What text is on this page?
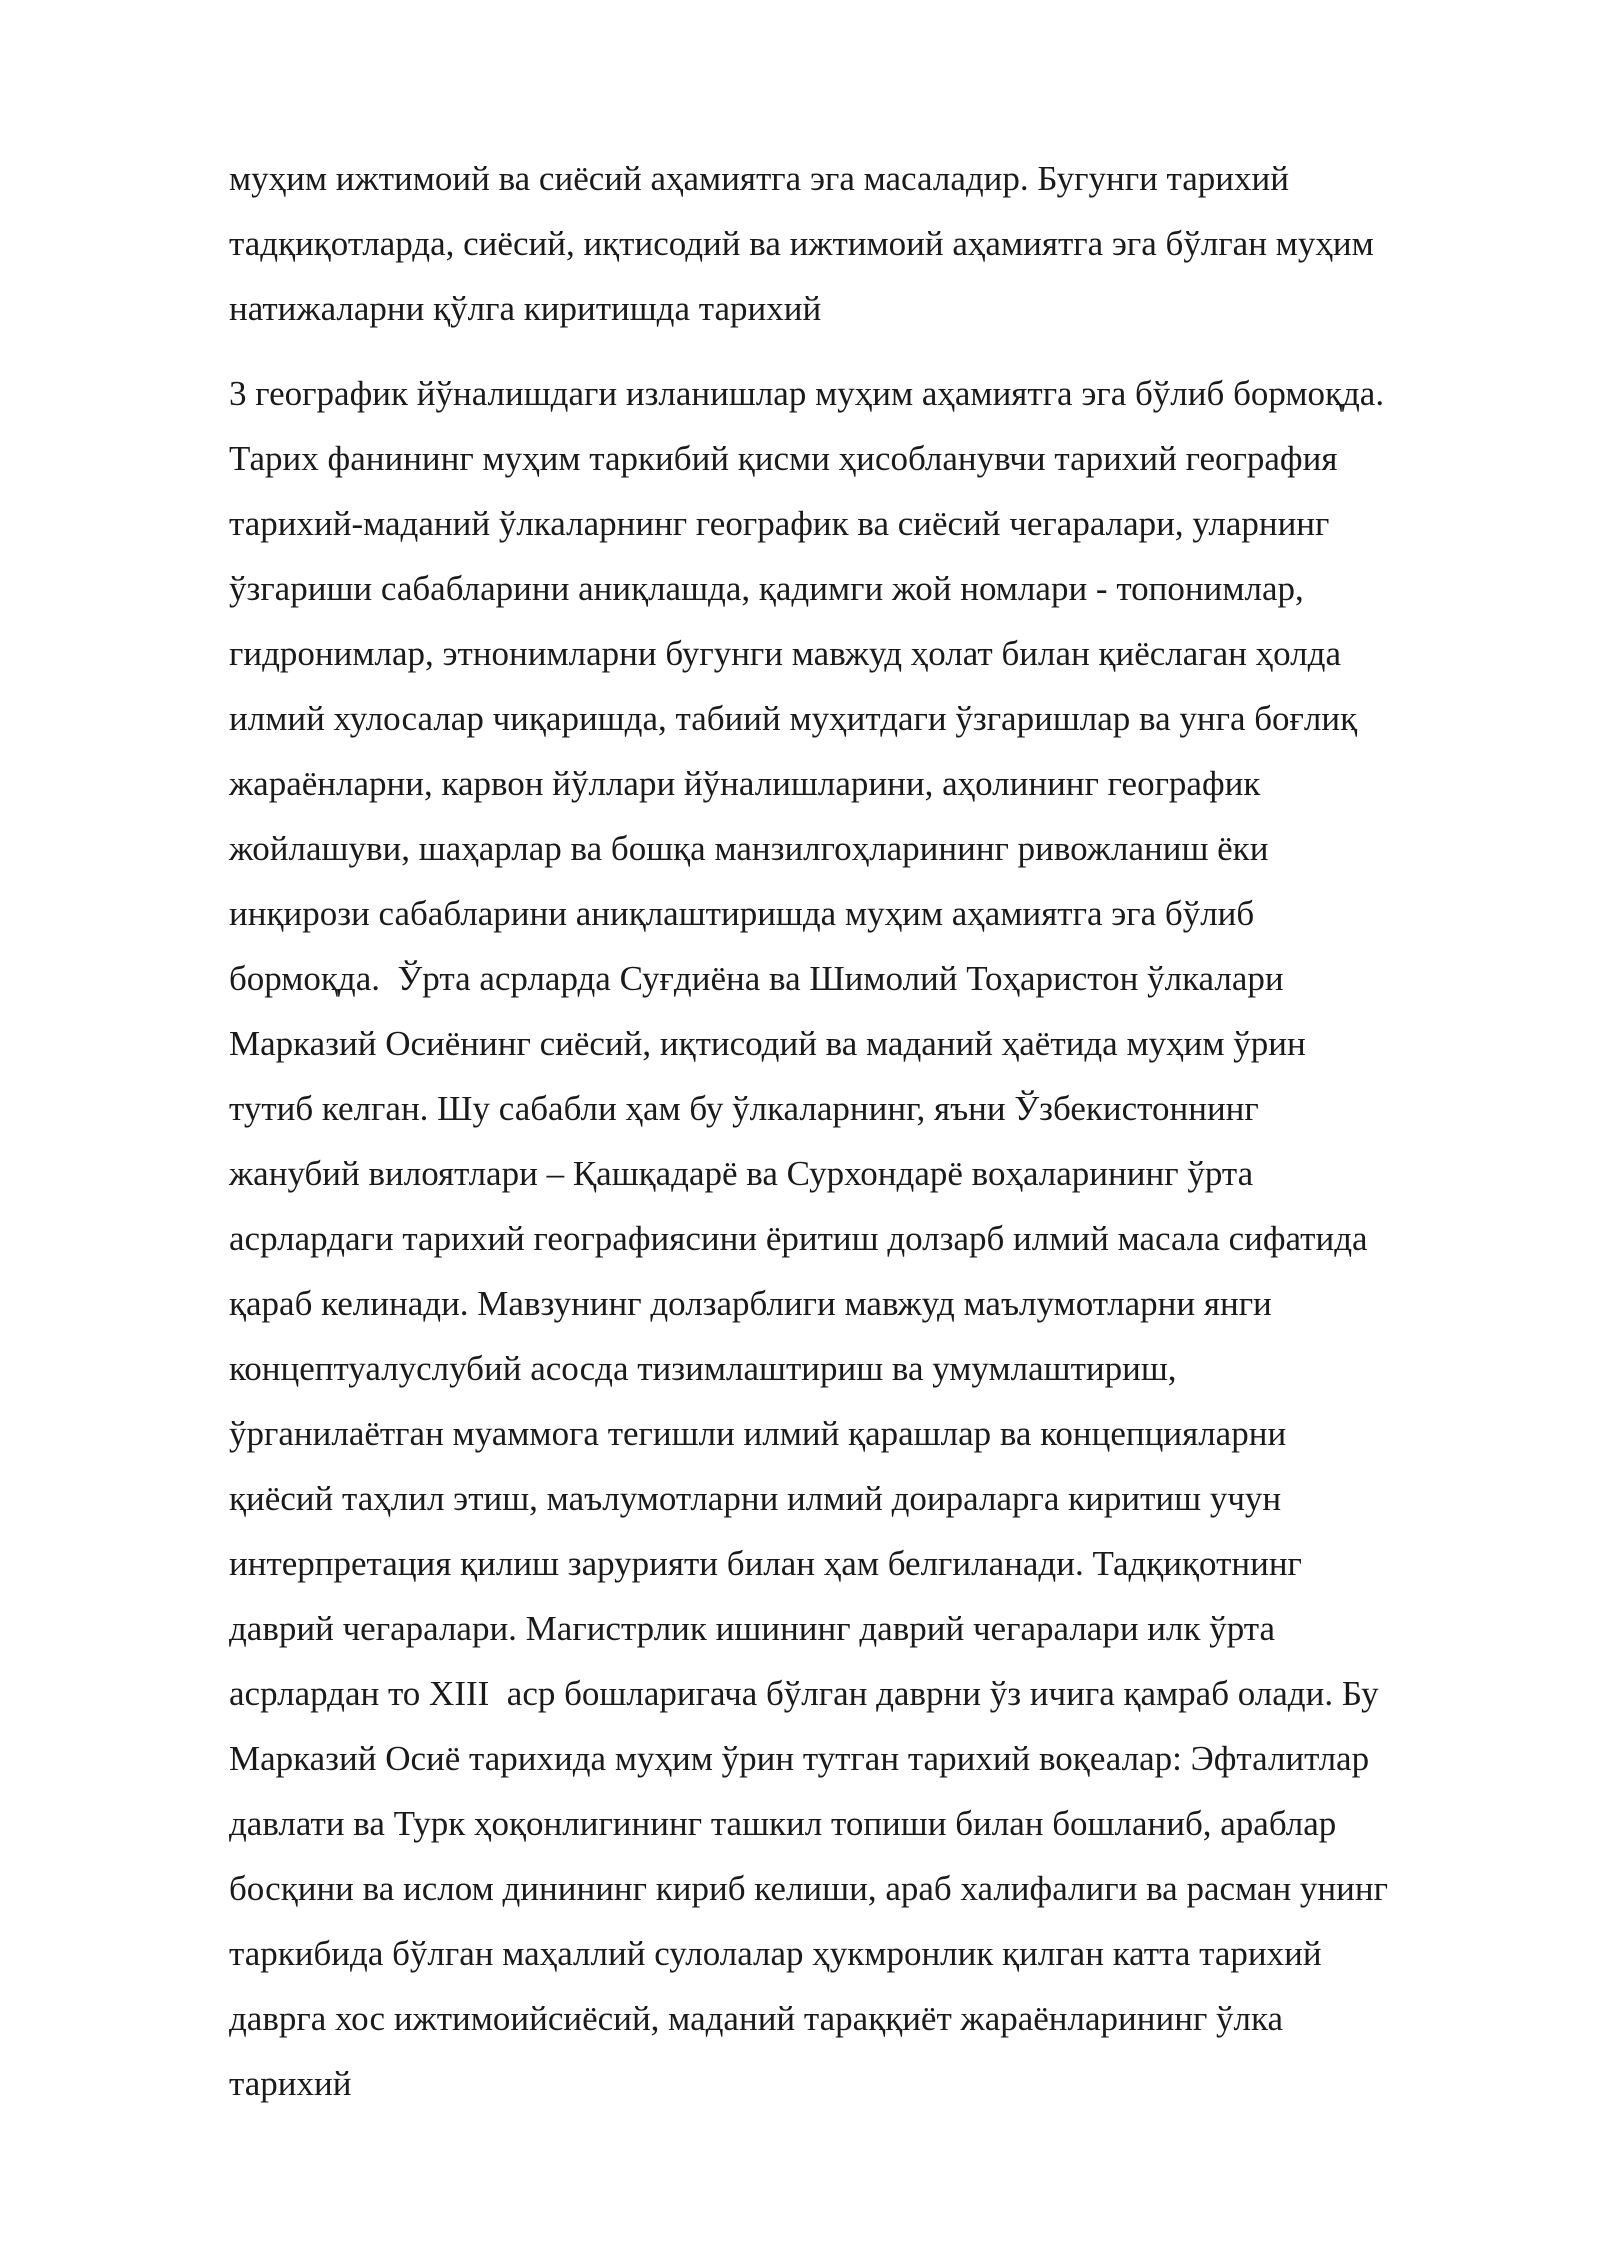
муҳим ижтимоий ва сиёсий аҳамиятга эга масаладир. Бугунги тарихий
тадқиқотларда, сиёсий, иқтисодий ва ижтимоий аҳамиятга эга бўлган муҳим
натижаларни қўлга киритишда тарихий
3 географик йўналишдаги изланишлар муҳим аҳамиятга эга бўлиб бормоқда.
Тарих фанининг муҳим таркибий қисми ҳисобланувчи тарихий география
тарихий-маданий ўлкаларнинг географик ва сиёсий чегаралари, уларнинг
ўзгариши сабабларини аниқлашда, қадимги жой номлари - топонимлар,
гидронимлар, этнонимларни бугунги мавжуд ҳолат билан қиёслаган ҳолда
илмий хулосалар чиқаришда, табиий муҳитдаги ўзгаришлар ва унга боғлиқ
жараёнларни, карвон йўллари йўналишларини, аҳолининг географик
жойлашуви, шаҳарлар ва бошқа манзилгоҳларининг ривожланиш ёки
инқирози сабабларини аниқлаштиришда муҳим аҳамиятга эга бўлиб
бормоқда.  Ўрта асрларда Суғдиёна ва Шимолий Тоҳаристон ўлкалари
Марказий Осиёнинг сиёсий, иқтисодий ва маданий ҳаётида муҳим ўрин
тутиб келган. Шу сабабли ҳам бу ўлкаларнинг, яъни Ўзбекистоннинг
жанубий вилоятлари – Қашқадарё ва Сурхондарё воҳаларининг ўрта
асрлардаги тарихий географиясини ёритиш долзарб илмий масала сифатида
қараб келинади. Мавзунинг долзарблиги мавжуд маълумотларни янги
концептуалуслубий асосда тизимлаштириш ва умумлаштириш,
ўрганилаётган муаммога тегишли илмий қарашлар ва концепцияларни
қиёсий таҳлил этиш, маълумотларни илмий доираларга киритиш учун
интерпретация қилиш зарурияти билан ҳам белгиланади. Тадқиқотнинг
даврий чегаралари. Магистрлик ишининг даврий чегаралари илк ўрта
асрлардан то XIII  аср бошларигача бўлган даврни ўз ичига қамраб олади. Бу
Марказий Осиё тарихида муҳим ўрин тутган тарихий воқеалар: Эфталитлар
давлати ва Турк ҳоқонлигининг ташкил топиши билан бошланиб, араблар
босқини ва ислом динининг кириб келиши, араб халифалиги ва расман унинг
таркибида бўлган маҳаллий сулолалар ҳукмронлик қилган катта тарихий
даврга хос ижтимоийсиёсий, маданий тараққиёт жараёнларининг ўлка
тарихий
